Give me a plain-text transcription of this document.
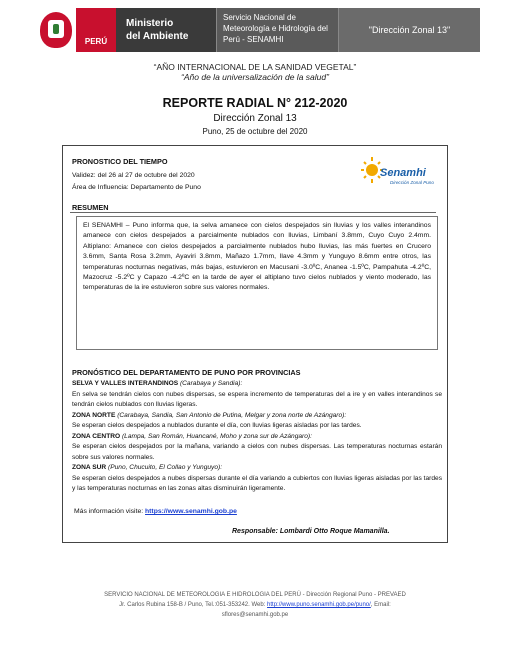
PERÚ
Ministerio
del Ambiente
Servicio Nacional de
Meteorología e Hidrología del
Perú - SENAMHI
"Dirección Zonal 13"
“AÑO INTERNACIONAL DE LA SANIDAD VEGETAL”
“Año de la universalización de la salud”
REPORTE RADIAL N° 212-2020
Dirección Zonal 13
Puno, 25 de octubre del 2020
PRONOSTICO DEL TIEMPO
Validez: del 26 al 27 de octubre del 2020
Área de Influencia: Departamento de Puno
Senamhi
Dirección Zonal Puno
RESUMEN
El SENAMHI – Puno informa que, la selva amanece con cielos despejados sin lluvias y los valles interandinos amanece con cielos despejados a parcialmente nublados con lluvias, Limbaní 3.8mm, Cuyo Cuyo 2.4mm. Altiplano: Amanece con cielos despejados a parcialmente nublados hubo lluvias, las más fuertes en Crucero 3.6mm, Santa Rosa 3.2mm, Ayaviri 3.8mm, Mañazo 1.7mm, Ilave 4.3mm y Yunguyo 8.6mm entre otros, las temperaturas nocturnas negativas, más bajas, estuvieron en Macusani -3.0ºC, Ananea -1.5ºC, Pampahuta -4.2ºC, Mazocruz -5.2ºC y Capazo -4.2ºC en la tarde de ayer el altiplano tuvo cielos nublados y viento moderado, las temperaturas de la ire estuvieron sobre sus valores normales.
PRONÓSTICO DEL DEPARTAMENTO DE PUNO POR PROVINCIAS

SELVA Y VALLES INTERANDINOS (Carabaya y Sandia):

En selva se tendrán cielos con nubes dispersas, se espera incremento de temperaturas del a ire y en valles interandinos se tendrán cielos nublados con lluvias ligeras.

ZONA NORTE (Carabaya, Sandia, San Antonio de Putina, Melgar y zona norte de Azángaro):

Se esperan cielos despejados a nublados durante el día, con lluvias ligeras aisladas por las tardes.

ZONA CENTRO (Lampa, San Román, Huancané, Moho y zona sur de Azángaro):

Se esperan cielos despejados por la mañana, variando a cielos con nubes dispersas. Las temperaturas nocturnas estarán sobre sus valores normales.

ZONA SUR (Puno, Chucuito, El Collao y Yunguyo):

Se esperan cielos despejados a nubes dispersas durante el día variando a cubiertos con lluvias ligeras aisladas por las tardes y las temperaturas nocturnas en las zonas altas disminuirán ligeramente.

Más información visite: https://www.senamhi.gob.pe
Responsable: Lombardi Otto Roque Mamanilla.
SERVICIO NACIONAL DE METEOROLOGIA E HIDROLOGIA DEL PERÚ - Dirección Regional Puno - PREVAED
Jr. Carlos Rubina 158-B / Puno, Tel.:051-353242. Web: http://www.puno.senamhi.gob.pe/puno/, Email:
sflores@senamhi.gob.pe
